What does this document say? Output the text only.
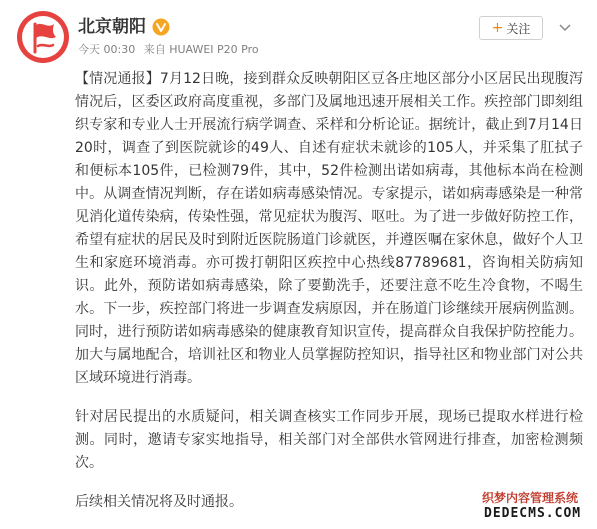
北京朝阳
今天 00:30 来自 HUAWEI P20 Pro
+ 关注

【情况通报】7月12日晚，接到群众反映朝阳区豆各庄地区部分小区居民出现腹泻情况后，区委区政府高度重视，多部门及属地迅速开展相关工作。疾控部门即刻组织专家和专业人士开展流行病学调查、采样和分析论证。据统计，截止到7月14日20时，调查了到医院就诊的49人、自述有症状未就诊的105人，并采集了肛拭子和便标本105件，已检测79件，其中，52件检测出诺如病毒，其他标本尚在检测中。从调查情况判断，存在诺如病毒感染情况。专家提示，诺如病毒感染是一种常见消化道传染病，传染性强，常见症状为腹泻、呕吐。为了进一步做好防控工作，希望有症状的居民及时到附近医院肠道门诊就医，并遵医嘱在家休息，做好个人卫生和家庭环境消毒。亦可拨打朝阳区疾控中心热线87789681，咨询相关防病知识。此外，预防诺如病毒感染，除了要勤洗手，还要注意不吃生冷食物，不喝生水。下一步，疾控部门将进一步调查发病原因，并在肠道门诊继续开展病例监测。同时，进行预防诺如病毒感染的健康教育知识宣传，提高群众自我保护防控能力。加大与属地配合，培训社区和物业人员掌握防控知识，指导社区和物业部门对公共区域环境进行消毒。

针对居民提出的水质疑问，相关调查核实工作同步开展，现场已提取水样进行检测。同时，邀请专家实地指导，相关部门对全部供水管网进行排查，加密检测频次。

后续相关情况将及时通报。	织梦内容管理系统
DEDECMS.COM
